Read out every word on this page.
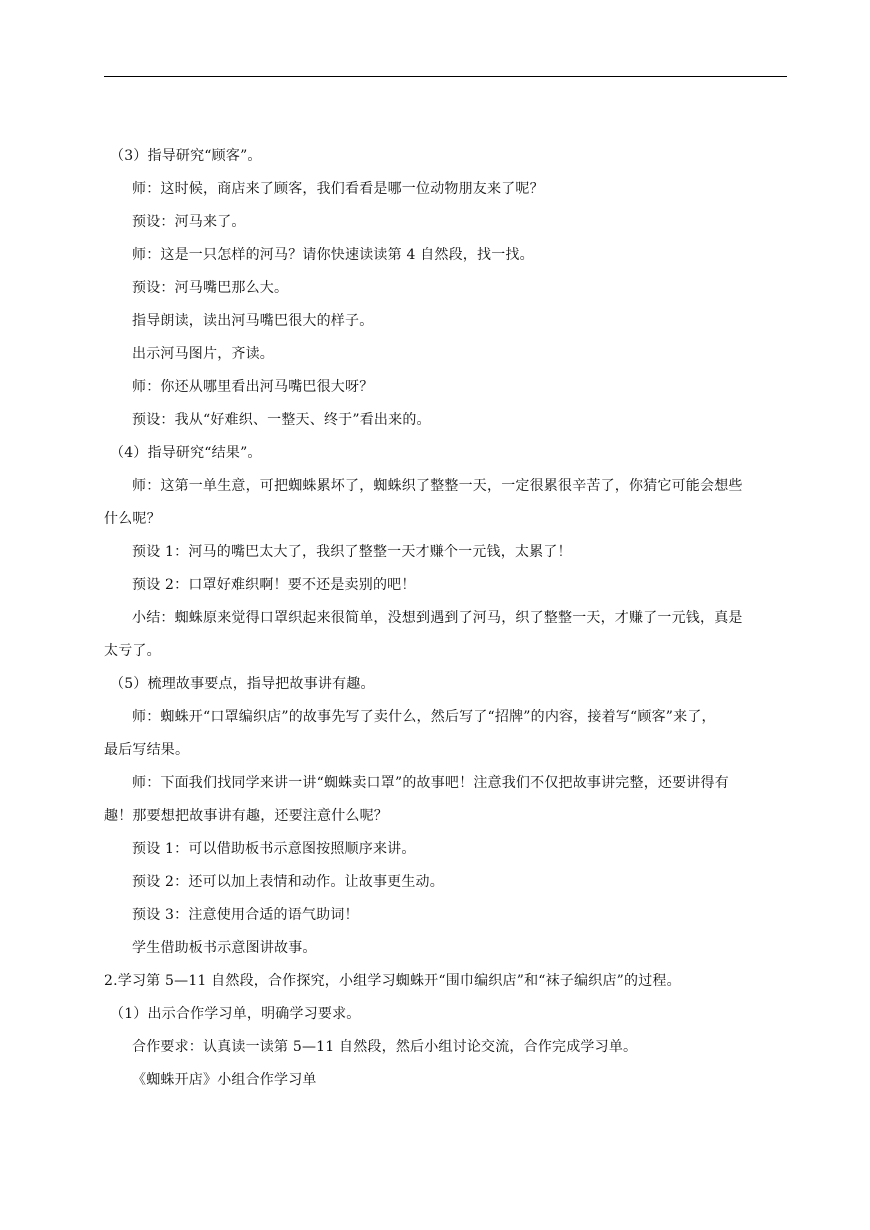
（3）指导研究“顾客”。

师：这时候，商店来了顾客，我们看看是哪一位动物朋友来了呢？

预设：河马来了。

师：这是一只怎样的河马？请你快速读读第 4 自然段，找一找。

预设：河马嘴巴那么大。

指导朗读，读出河马嘴巴很大的样子。

出示河马图片，齐读。

师：你还从哪里看出河马嘴巴很大呀？

预设：我从“好难织、一整天、终于”看出来的。

（4）指导研究“结果”。

师：这第一单生意，可把蜘蛛累坏了，蜘蛛织了整整一天，一定很累很辛苦了，你猜它可能会想些

什么呢？

预设 1：河马的嘴巴太大了，我织了整整一天才赚个一元钱，太累了！

预设 2：口罩好难织啊！要不还是卖别的吧！

小结：蜘蛛原来觉得口罩织起来很简单，没想到遇到了河马，织了整整一天，才赚了一元钱，真是

太亏了。

（5）梳理故事要点，指导把故事讲有趣。

师：蜘蛛开“口罩编织店”的故事先写了卖什么，然后写了“招牌”的内容，接着写“顾客”来了，

最后写结果。

师：下面我们找同学来讲一讲“蜘蛛卖口罩”的故事吧！注意我们不仅把故事讲完整，还要讲得有

趣！那要想把故事讲有趣，还要注意什么呢？

预设 1：可以借助板书示意图按照顺序来讲。

预设 2：还可以加上表情和动作。让故事更生动。

预设 3：注意使用合适的语气助词！

学生借助板书示意图讲故事。

2.学习第 5—11 自然段，合作探究，小组学习蜘蛛开“围巾编织店”和“袜子编织店”的过程。

（1）出示合作学习单，明确学习要求。

合作要求：认真读一读第 5—11 自然段，然后小组讨论交流，合作完成学习单。

《蜘蛛开店》小组合作学习单
